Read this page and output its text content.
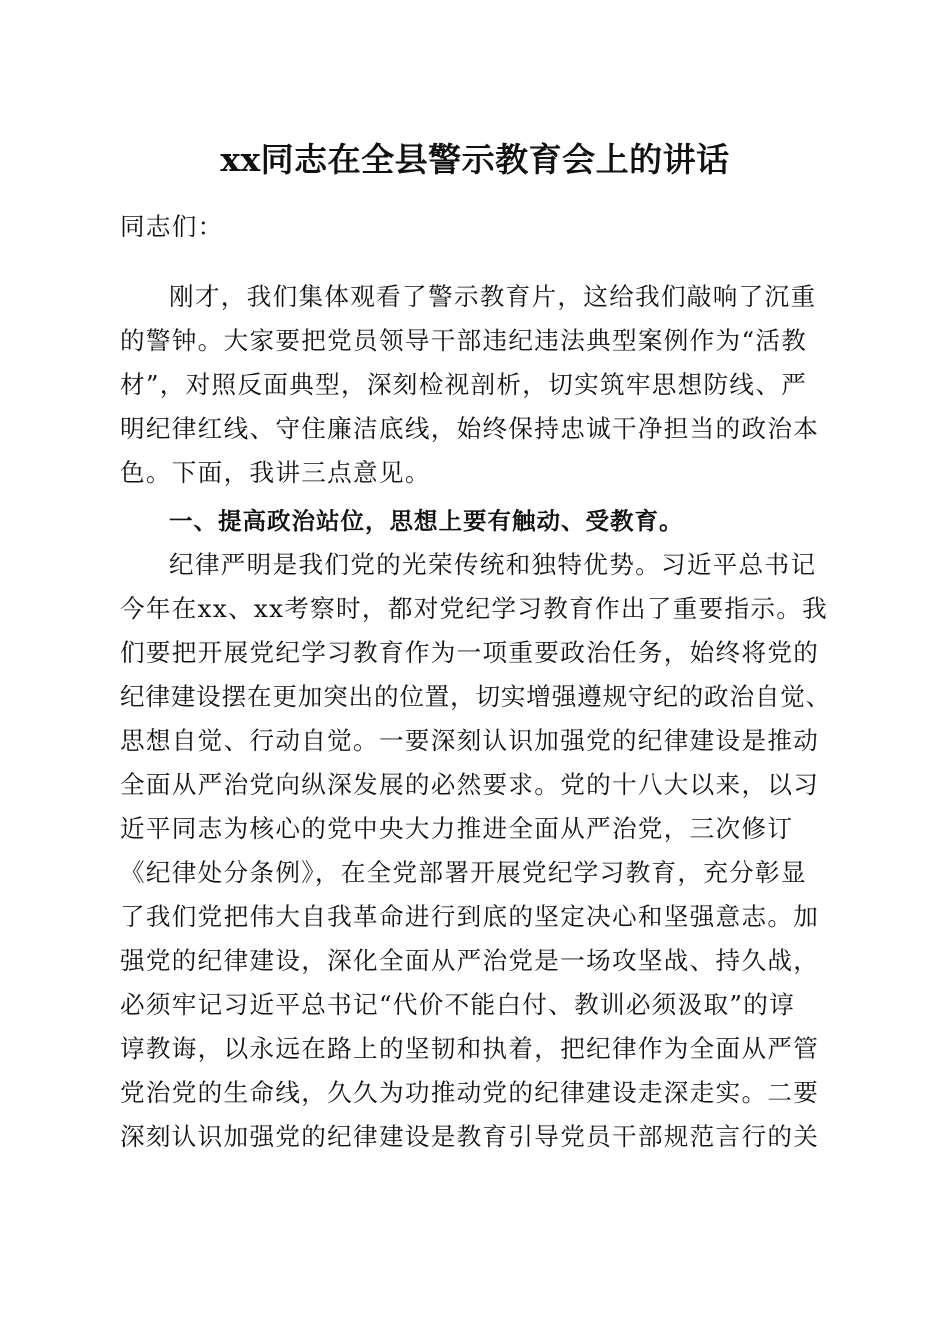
xx同志在全县警示教育会上的讲话

同志们：

刚才，我们集体观看了警示教育片，这给我们敲响了沉重

的警钟。大家要把党员领导干部违纪违法典型案例作为“活教

材”，对照反面典型，深刻检视剖析，切实筑牢思想防线、严

明纪律红线、守住廉洁底线，始终保持忠诚干净担当的政治本

色。下面，我讲三点意见。

一、提高政治站位，思想上要有触动、受教育。

纪律严明是我们党的光荣传统和独特优势。习近平总书记

今年在xx、xx考察时，都对党纪学习教育作出了重要指示。我

们要把开展党纪学习教育作为一项重要政治任务，始终将党的

纪律建设摆在更加突出的位置，切实增强遵规守纪的政治自觉、

思想自觉、行动自觉。一要深刻认识加强党的纪律建设是推动

全面从严治党向纵深发展的必然要求。党的十八大以来，以习

近平同志为核心的党中央大力推进全面从严治党，三次修订

《纪律处分条例》，在全党部署开展党纪学习教育，充分彰显

了我们党把伟大自我革命进行到底的坚定决心和坚强意志。加

强党的纪律建设，深化全面从严治党是一场攻坚战、持久战，

必须牢记习近平总书记“代价不能白付、教训必须汲取”的谆

谆教诲，以永远在路上的坚韧和执着，把纪律作为全面从严管

党治党的生命线，久久为功推动党的纪律建设走深走实。二要

深刻认识加强党的纪律建设是教育引导党员干部规范言行的关
